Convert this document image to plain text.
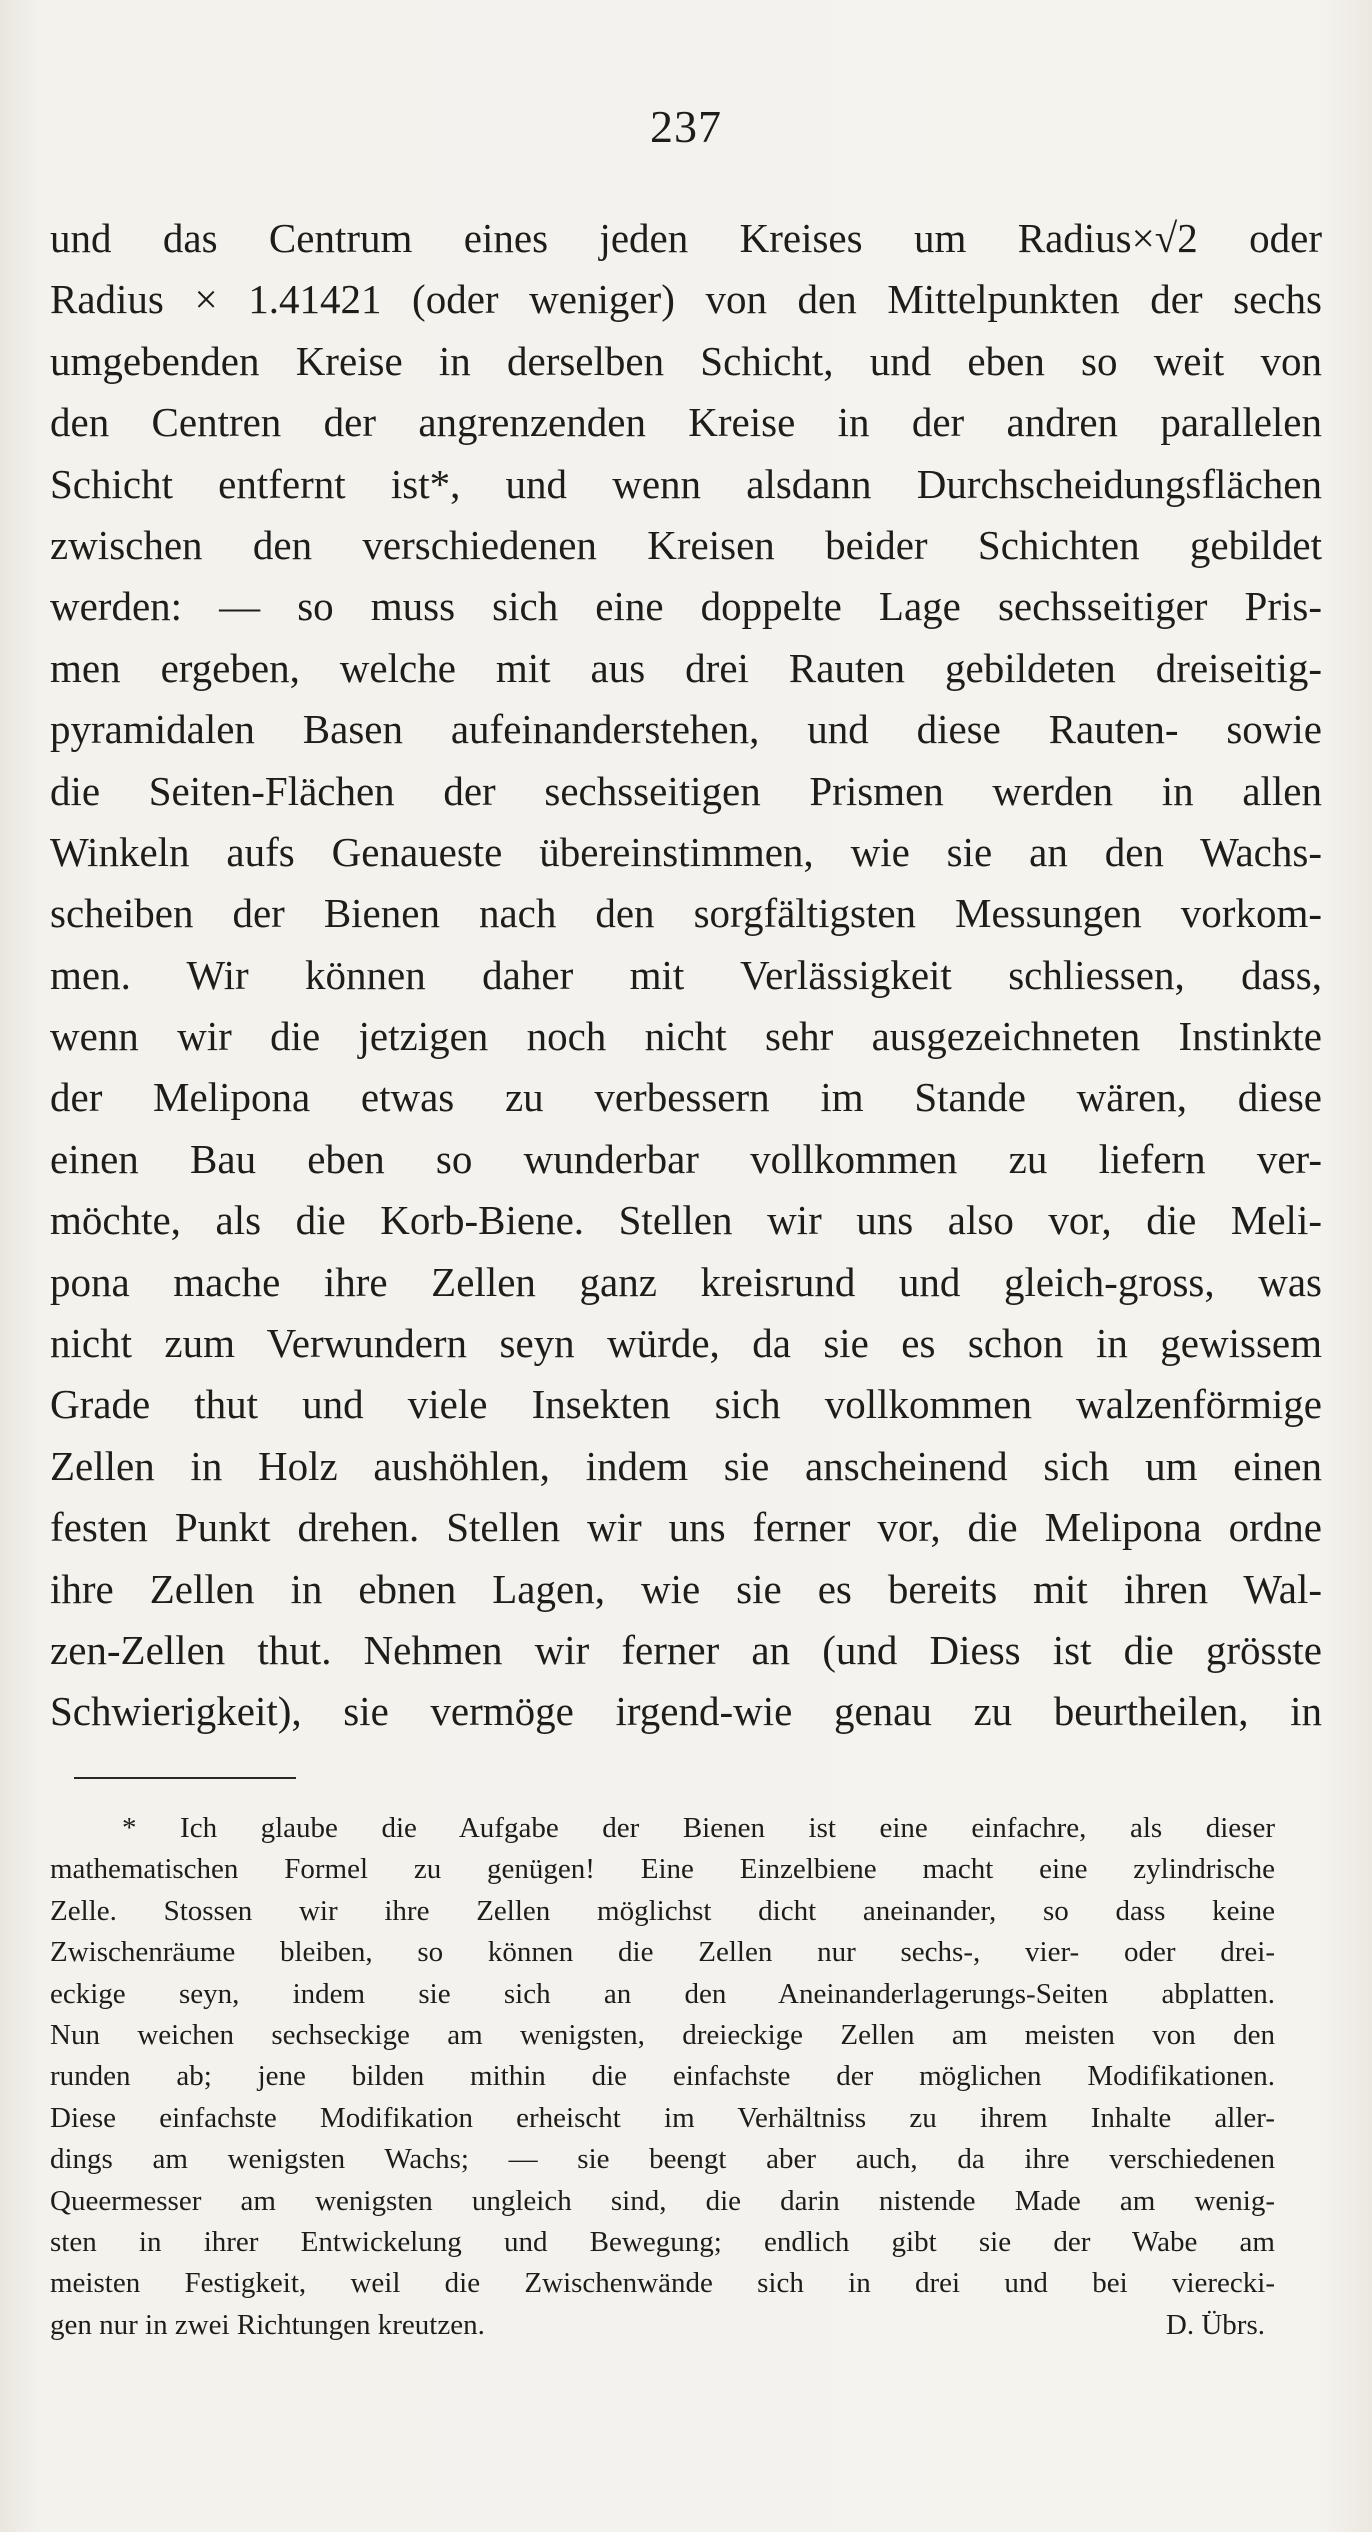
237
und das Centrum eines jeden Kreises um Radius×√2 oder
Radius × 1.41421 (oder weniger) von den Mittelpunkten der sechs
umgebenden Kreise in derselben Schicht, und eben so weit von
den Centren der angrenzenden Kreise in der andren parallelen
Schicht entfernt ist*, und wenn alsdann Durchscheidungsflächen
zwischen den verschiedenen Kreisen beider Schichten gebildet
werden: — so muss sich eine doppelte Lage sechsseitiger Pris-
men ergeben, welche mit aus drei Rauten gebildeten dreiseitig-
pyramidalen Basen aufeinanderstehen, und diese Rauten- sowie
die Seiten-Flächen der sechsseitigen Prismen werden in allen
Winkeln aufs Genaueste übereinstimmen, wie sie an den Wachs-
scheiben der Bienen nach den sorgfältigsten Messungen vorkom-
men. Wir können daher mit Verlässigkeit schliessen, dass,
wenn wir die jetzigen noch nicht sehr ausgezeichneten Instinkte
der Melipona etwas zu verbessern im Stande wären, diese
einen Bau eben so wunderbar vollkommen zu liefern ver-
möchte, als die Korb-Biene. Stellen wir uns also vor, die Meli-
pona mache ihre Zellen ganz kreisrund und gleich-gross, was
nicht zum Verwundern seyn würde, da sie es schon in gewissem
Grade thut und viele Insekten sich vollkommen walzenförmige
Zellen in Holz aushöhlen, indem sie anscheinend sich um einen
festen Punkt drehen. Stellen wir uns ferner vor, die Melipona ordne
ihre Zellen in ebnen Lagen, wie sie es bereits mit ihren Wal-
zen-Zellen thut. Nehmen wir ferner an (und Diess ist die grösste
Schwierigkeit), sie vermöge irgend-wie genau zu beurtheilen, in
* Ich glaube die Aufgabe der Bienen ist eine einfachre, als dieser
mathematischen Formel zu genügen! Eine Einzelbiene macht eine zylindrische
Zelle. Stossen wir ihre Zellen möglichst dicht aneinander, so dass keine
Zwischenräume bleiben, so können die Zellen nur sechs-, vier- oder drei-
eckige seyn, indem sie sich an den Aneinanderlagerungs-Seiten abplatten.
Nun weichen sechseckige am wenigsten, dreieckige Zellen am meisten von den
runden ab; jene bilden mithin die einfachste der möglichen Modifikationen.
Diese einfachste Modifikation erheischt im Verhältniss zu ihrem Inhalte aller-
dings am wenigsten Wachs; — sie beengt aber auch, da ihre verschiedenen
Queermesser am wenigsten ungleich sind, die darin nistende Made am wenig-
sten in ihrer Entwickelung und Bewegung; endlich gibt sie der Wabe am
meisten Festigkeit, weil die Zwischenwände sich in drei und bei vierecki-
gen nur in zwei Richtungen kreutzen.	D. Übrs.
